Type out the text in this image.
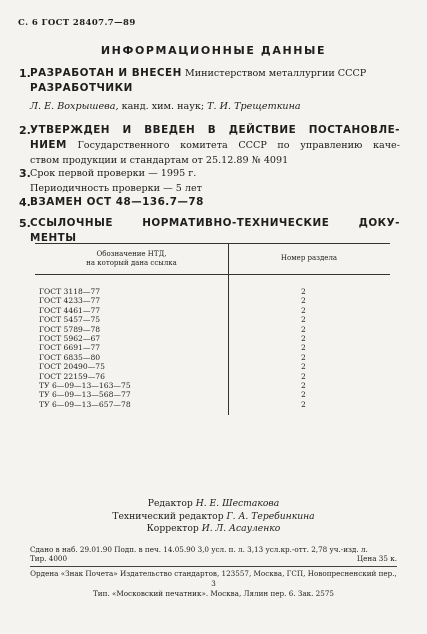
С. 6 ГОСТ 28407.7—89
ИНФОРМАЦИОННЫЕ ДАННЫЕ
1. РАЗРАБОТАН И ВНЕСЕН Министерством металлургии СССР
РАЗРАБОТЧИКИ
Л. Е. Вохрышева, канд. хим. наук; Т. И. Трещеткина
2. УТВЕРЖДЕН И ВВЕДЕН В ДЕЙСТВИЕ ПОСТАНОВЛЕ-
НИЕМ Государственного комитета СССР по управлению каче-
ством продукции и стандартам от 25.12.89 № 4091
3. Срок первой проверки — 1995 г.
Периодичность проверки — 5 лет
4. ВЗАМЕН ОСТ 48—136.7—78
5. ССЫЛОЧНЫЕ НОРМАТИВНО-ТЕХНИЧЕСКИЕ ДОКУ-
МЕНТЫ
Обозначение НТД,
на который дана ссылка
Номер раздела
ГОСТ 3118—77	2
ГОСТ 4233—77	2
ГОСТ 4461—77	2
ГОСТ 5457—75	2
ГОСТ 5789—78	2
ГОСТ 5962—67	2
ГОСТ 6691—77	2
ГОСТ 6835—80	2
ГОСТ 20490—75	2
ГОСТ 22159—76	2
ТУ 6—09—13—163—75	2
ТУ 6—09—13—568—77	2
ТУ 6—09—13—657—78	2
Редактор Н. Е. Шестакова
Технический редактор Г. А. Теребинкина
Корректор И. Л. Асауленко
Сдано в наб. 29.01.90 Подп. в печ. 14.05.90 3,0 усл. п. л. 3,13 усл.кр.-отт. 2,78 уч.-изд. л.
Тир. 4000	Цена 35 к.
Ордена «Знак Почета» Издательство стандартов, 123557, Москва, ГСП, Новопресненский пер., 3
Тип. «Московский печатник». Москва, Лялин пер. 6. Зак. 2575
